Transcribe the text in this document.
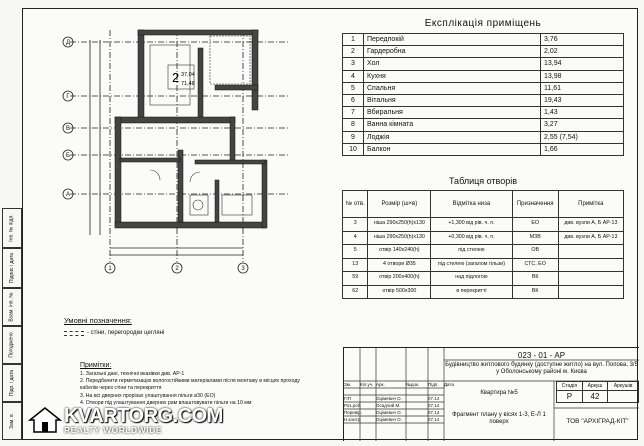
2 37,04
71,48
Д
Г
В
Б
А
1	2	3
Експлікація приміщень
1	Передпокій	3,76
2	Гардеробна	2,02
3	Хол	13,94
4	Кухня	13,98
5	Спальня	11,61
6	Вітальня	19,43
7	Вбиральня	1,43
8	Ванна кімната	3,27
9	Лоджія	2,55 (7,54)
10	Балкон	1,66
Таблиця отворів
№ отв.	Розмір (ш×в)	Відмітка низа	Призначення	Примітка
3	ніша 290х250(h)х130	+1,300 від рів. ч. п.	ЕО	див. вузли А, Б АР-13
4	ніша 290х250(h)х130	+0,300 від рів. ч. п.	МЗВ	див. вузли А, Б АР-13
5	отвір 140х240(h)	під стелею	ОВ	
13	4 отвори Ø35	під стелею (загалом гільзи)	СТС, ЕО	
59	отвір 200х400(h)	над підлогою	ВК	
62	отвір 500х300	в перекритті	ВК	
Умовні позначення:
- стіни, перегородки цегляні
Примітки:
1. Загальні дані, технічні вказівки див. АР-1
2. Передбачити герметизацію вологостійкими матеріалами після монтажу в місцях проходу
кабелів через стіни та перекриття
3. На всі дверних прорізах улаштування пільги ø30 (ЕО)
4. Отвори під улаштування дверних рам влаштовувати пільги на 10 мм
Інв. № підл.
Підпис і дата
Взам. інв. №
Погоджено
Підп. і дата
Зам. в.
023 - 01 - АР
Будівництво житлового будинку (доступне житло) на вул. Попова, 3/5 у Оболонському районі м. Києва
Квартира №5
Фрагмент плану у вісях 1-3, Е-Л 1 поверх	ТОВ "АРХІГРАД-КІТ"
Стадія	Аркуш	Аркушів
Р	42	
Зм.	Кіл.уч. Арк.	№док.	Підп.	Дата
ГІП	Оцімевич О.	07.14
Роз.роб.	Осадчий М.	07.14
Перевір.	Оцімевич О.	07.14
Н.контр.	Оцімевич О.	07.14
KVARTORG.COM
REALTY WORLDWIDE
